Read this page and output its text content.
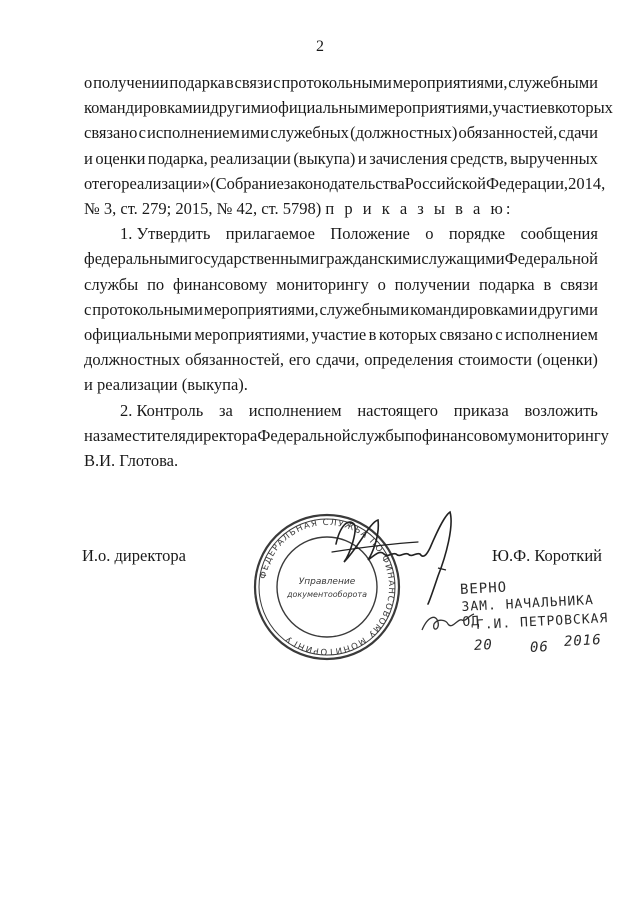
2
о получении подарка в связи с протокольными мероприятиями, служебными
командировками и другими официальными мероприятиями, участие в которых
связано с исполнением ими служебных (должностных) обязанностей, сдачи
и оценки подарка, реализации (выкупа) и зачисления средств, вырученных
от его реализации» (Собрание законодательства Российской Федерации, 2014,
№ 3, ст. 279; 2015, № 42, ст. 5798) п р и к а з ы в а ю:
1. Утвердить прилагаемое Положение о порядке сообщения
федеральными государственными гражданскими служащими Федеральной
службы по финансовому мониторингу о получении подарка в связи
с протокольными мероприятиями, служебными командировками и другими
официальными мероприятиями, участие в которых связано с исполнением
должностных обязанностей, его сдачи, определения стоимости (оценки)
и реализации (выкупа).
2. Контроль за исполнением настоящего приказа возложить
на заместителя директора Федеральной службы по финансовому мониторингу
В.И. Глотова.
И.о. директора	Ю.Ф. Короткий
ФЕДЕРАЛЬНАЯ СЛУЖБА ПО ФИНАНСОВОМУ МОНИТОРИНГУ
Управление
документооборота	ВЕРНО
ЗАМ. НАЧАЛЬНИКА ОД
Г.И. ПЕТРОВСКАЯ
20	06 2016
